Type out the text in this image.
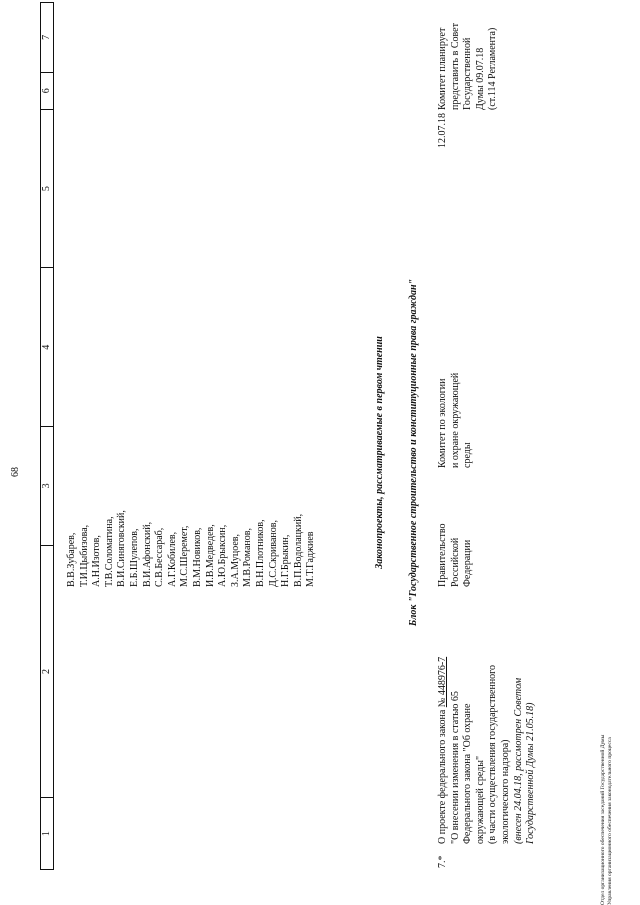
68
1
2
3
4
5
6
7
В.В.Зубарев, Т.И.Цыбизова, А.Н.Изотов, Т.В.Соломатина, В.И.Синяговский, Е.Б.Шулепов, В.И.Афонский, С.В.Бессараб, А.Г.Кобилев, М.С.Шеремет, В.М.Новиков, И.В.Медведев, А.Ю.Брыксин, З.А.Муцоев, М.В.Романов, В.Н.Плотников, Д.С.Скриванов, Н.Г.Брыкин, В.П.Водолацкий, М.Т.Гаджиев	Законопроекты, рассматриваемые в первом чтении Блок "Государственное строительство и конституционные права граждан"
7.*
О проекте федерального закона № 448976-7
"О внесении изменения в статью 65 Федерального закона "Об охране окружающей среды" (в части осуществления государственного экологического надзора) (внесен 24.04.18, рассмотрен Советом Государственной Думы 21.05.18)
Правительство Российской Федерации
Комитет по экологии и охране окружающей среды
12.07.18
Комитет планирует представить в Совет Государственной Думы 09.07.18 (ст.114 Регламента)
Отдел организационного обеспечения заседаний Государственной Думы Управления организационного обеспечения законодательного процесса
